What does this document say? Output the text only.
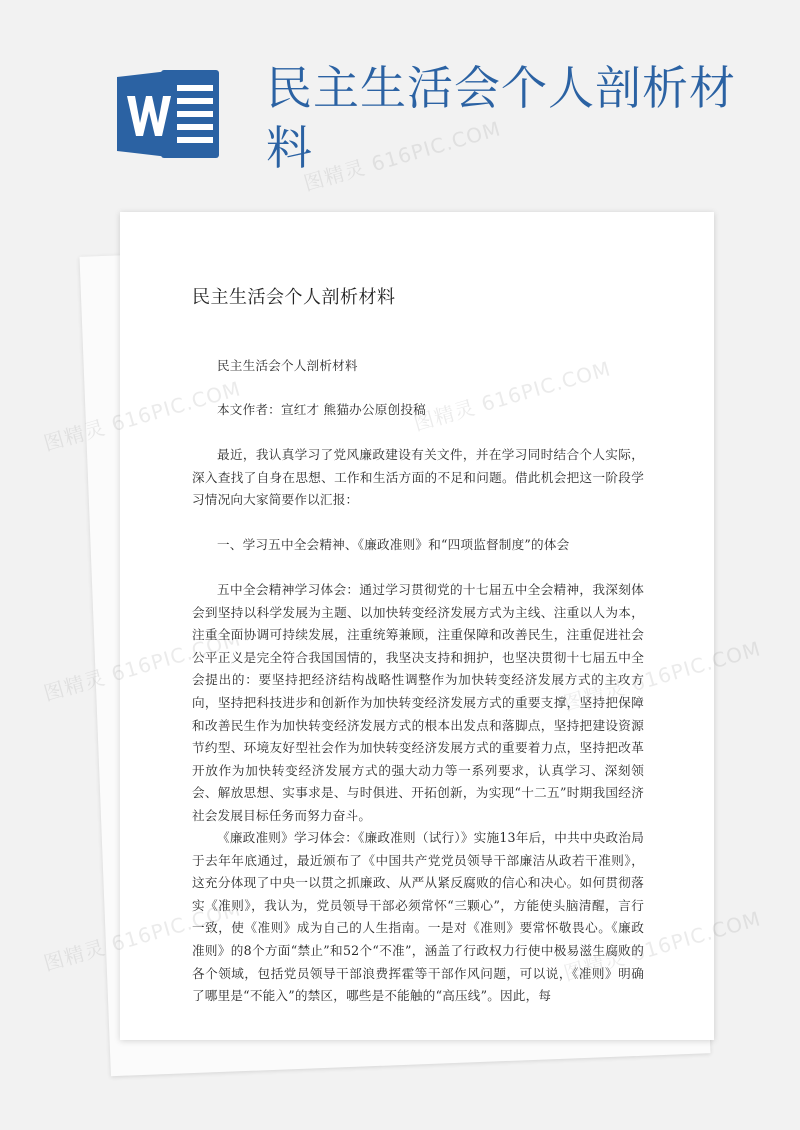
民主生活会个人剖析材料
民主生活会个人剖析材料

民主生活会个人剖析材料

本文作者：宣红才 熊猫办公原创投稿

最近，我认真学习了党风廉政建设有关文件，并在学习同时结合个人实际，深入查找了自身在思想、工作和生活方面的不足和问题。借此机会把这一阶段学习情况向大家简要作以汇报：

一、学习五中全会精神、《廉政准则》和“四项监督制度”的体会

五中全会精神学习体会：通过学习贯彻党的十七届五中全会精神，我深刻体会到坚持以科学发展为主题、以加快转变经济发展方式为主线、注重以人为本，注重全面协调可持续发展，注重统筹兼顾，注重保障和改善民生，注重促进社会公平正义是完全符合我国国情的，我坚决支持和拥护，也坚决贯彻十七届五中全会提出的：要坚持把经济结构战略性调整作为加快转变经济发展方式的主攻方向，坚持把科技进步和创新作为加快转变经济发展方式的重要支撑，坚持把保障和改善民生作为加快转变经济发展方式的根本出发点和落脚点，坚持把建设资源节约型、环境友好型社会作为加快转变经济发展方式的重要着力点，坚持把改革开放作为加快转变经济发展方式的强大动力等一系列要求，认真学习、深刻领会、解放思想、实事求是、与时俱进、开拓创新，为实现“十二五”时期我国经济社会发展目标任务而努力奋斗。

《廉政准则》学习体会：《廉政准则（试行）》实施13年后，中共中央政治局于去年年底通过，最近颁布了《中国共产党党员领导干部廉洁从政若干准则》，这充分体现了中央一以贯之抓廉政、从严从紧反腐败的信心和决心。如何贯彻落实《准则》，我认为，党员领导干部必须常怀“三颗心”，方能使头脑清醒，言行一致，使《准则》成为自己的人生指南。一是对《准则》要常怀敬畏心。《廉政准则》的8个方面“禁止”和52个“不准”，涵盖了行政权力行使中极易滋生腐败的各个领域，包括党员领导干部浪费挥霍等干部作风问题，可以说，《准则》明确了哪里是“不能入”的禁区，哪些是不能触的“高压线”。因此，每

图精灵 616PIC.COM
图精灵
图精灵
图精灵
